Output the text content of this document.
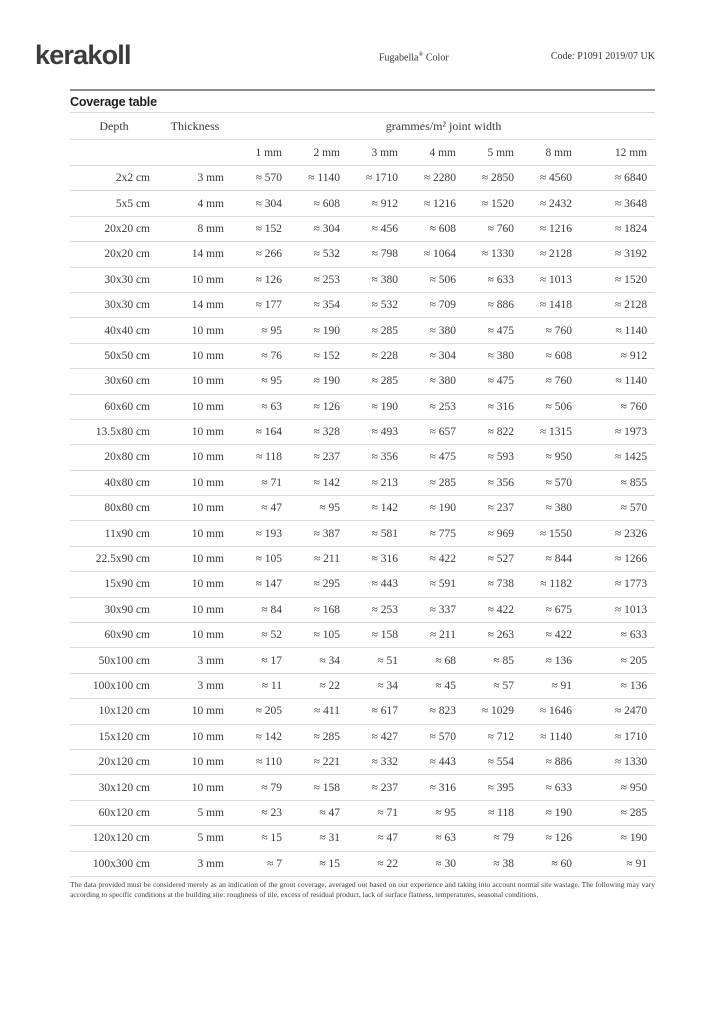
kerakoll	Fugabella® Color	Code: P1091 2019/07 UK
Coverage table
Depth	Thickness	grammes/m² joint width						
		1 mm	2 mm	3 mm	4 mm	5 mm	8 mm	12 mm
2x2 cm	3 mm	≈ 570	≈ 1140	≈ 1710	≈ 2280	≈ 2850	≈ 4560	≈ 6840
5x5 cm	4 mm	≈ 304	≈ 608	≈ 912	≈ 1216	≈ 1520	≈ 2432	≈ 3648
20x20 cm	8 mm	≈ 152	≈ 304	≈ 456	≈ 608	≈ 760	≈ 1216	≈ 1824
20x20 cm	14 mm	≈ 266	≈ 532	≈ 798	≈ 1064	≈ 1330	≈ 2128	≈ 3192
30x30 cm	10 mm	≈ 126	≈ 253	≈ 380	≈ 506	≈ 633	≈ 1013	≈ 1520
30x30 cm	14 mm	≈ 177	≈ 354	≈ 532	≈ 709	≈ 886	≈ 1418	≈ 2128
40x40 cm	10 mm	≈ 95	≈ 190	≈ 285	≈ 380	≈ 475	≈ 760	≈ 1140
50x50 cm	10 mm	≈ 76	≈ 152	≈ 228	≈ 304	≈ 380	≈ 608	≈ 912
30x60 cm	10 mm	≈ 95	≈ 190	≈ 285	≈ 380	≈ 475	≈ 760	≈ 1140
60x60 cm	10 mm	≈ 63	≈ 126	≈ 190	≈ 253	≈ 316	≈ 506	≈ 760
13.5x80 cm	10 mm	≈ 164	≈ 328	≈ 493	≈ 657	≈ 822	≈ 1315	≈ 1973
20x80 cm	10 mm	≈ 118	≈ 237	≈ 356	≈ 475	≈ 593	≈ 950	≈ 1425
40x80 cm	10 mm	≈ 71	≈ 142	≈ 213	≈ 285	≈ 356	≈ 570	≈ 855
80x80 cm	10 mm	≈ 47	≈ 95	≈ 142	≈ 190	≈ 237	≈ 380	≈ 570
11x90 cm	10 mm	≈ 193	≈ 387	≈ 581	≈ 775	≈ 969	≈ 1550	≈ 2326
22.5x90 cm	10 mm	≈ 105	≈ 211	≈ 316	≈ 422	≈ 527	≈ 844	≈ 1266
15x90 cm	10 mm	≈ 147	≈ 295	≈ 443	≈ 591	≈ 738	≈ 1182	≈ 1773
30x90 cm	10 mm	≈ 84	≈ 168	≈ 253	≈ 337	≈ 422	≈ 675	≈ 1013
60x90 cm	10 mm	≈ 52	≈ 105	≈ 158	≈ 211	≈ 263	≈ 422	≈ 633
50x100 cm	3 mm	≈ 17	≈ 34	≈ 51	≈ 68	≈ 85	≈ 136	≈ 205
100x100 cm	3 mm	≈ 11	≈ 22	≈ 34	≈ 45	≈ 57	≈ 91	≈ 136
10x120 cm	10 mm	≈ 205	≈ 411	≈ 617	≈ 823	≈ 1029	≈ 1646	≈ 2470
15x120 cm	10 mm	≈ 142	≈ 285	≈ 427	≈ 570	≈ 712	≈ 1140	≈ 1710
20x120 cm	10 mm	≈ 110	≈ 221	≈ 332	≈ 443	≈ 554	≈ 886	≈ 1330
30x120 cm	10 mm	≈ 79	≈ 158	≈ 237	≈ 316	≈ 395	≈ 633	≈ 950
60x120 cm	5 mm	≈ 23	≈ 47	≈ 71	≈ 95	≈ 118	≈ 190	≈ 285
120x120 cm	5 mm	≈ 15	≈ 31	≈ 47	≈ 63	≈ 79	≈ 126	≈ 190
100x300 cm	3 mm	≈ 7	≈ 15	≈ 22	≈ 30	≈ 38	≈ 60	≈ 91

The data provided must be considered merely as an indication of the grout coverage, averaged out based on our experience and taking into account normal site wastage. The following may vary according to specific conditions at the building site: roughness of tile, excess of residual product, lack of surface flatness, temperatures, seasonal conditions.
